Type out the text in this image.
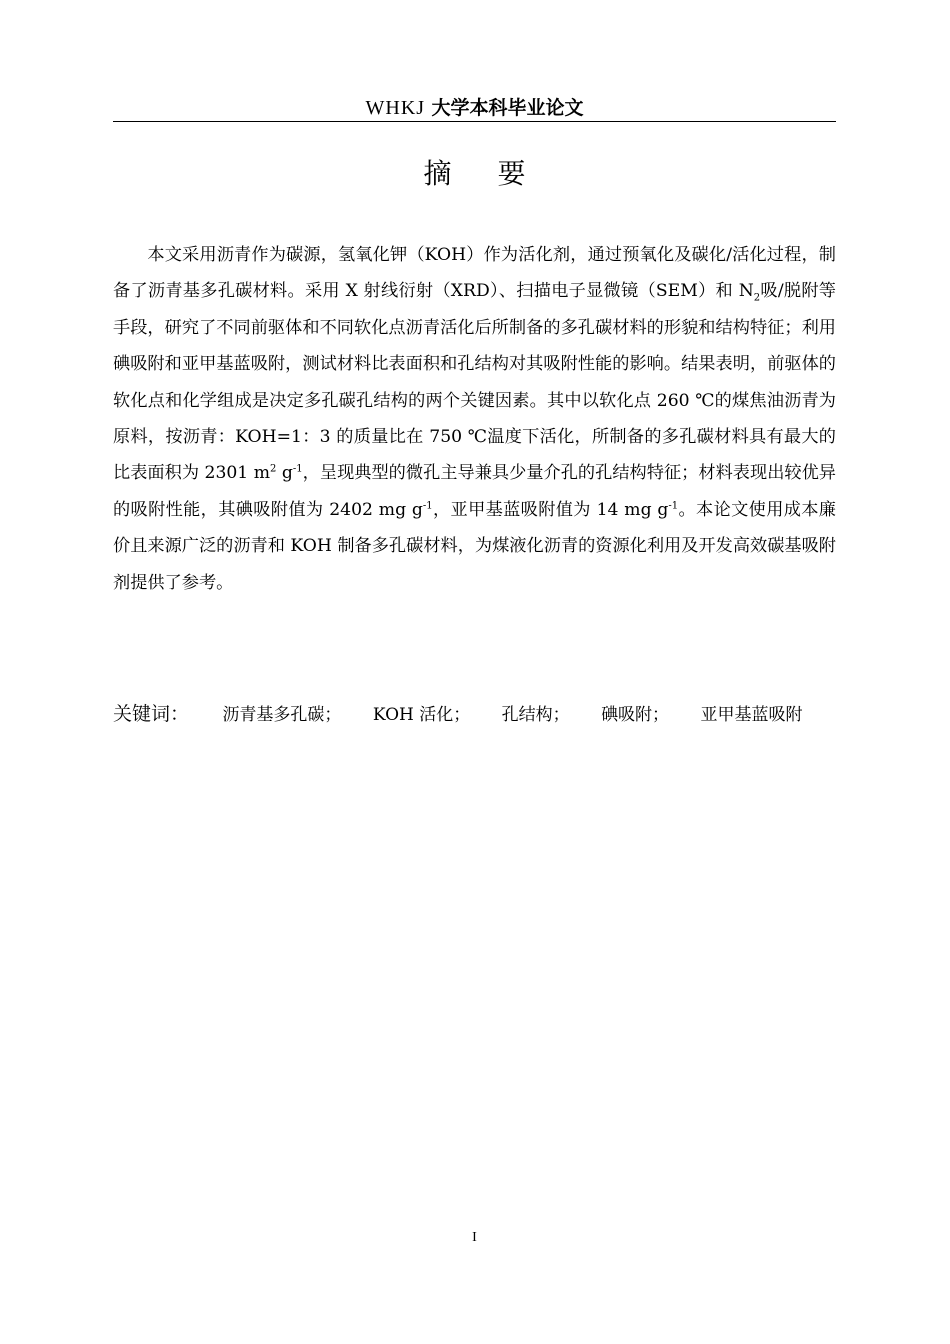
WHKJ 大学本科毕业论文
摘要

本文采用沥青作为碳源，氢氧化钾（KOH）作为活化剂，通过预氧化及碳化/活化过程，制备了沥青基多孔碳材料。采用 X 射线衍射（XRD）、扫描电子显微镜（SEM）和 $N_2$吸/脱附等手段，研究了不同前驱体和不同软化点沥青活化后所制备的多孔碳材料的形貌和结构特征；利用碘吸附和亚甲基蓝吸附，测试材料比表面积和孔结构对其吸附性能的影响。结果表明，前驱体的软化点和化学组成是决定多孔碳孔结构的两个关键因素。其中以软化点 260 ℃的煤焦油沥青为原料，按沥青：KOH=1：3 的质量比在 750 ℃温度下活化，所制备的多孔碳材料具有最大的比表面积为 2301 $m^2$ $g^{-1}$，呈现典型的微孔主导兼具少量介孔的孔结构特征；材料表现出较优异的吸附性能，其碘吸附值为 2402 mg $g^{-1}$，亚甲基蓝吸附值为 14 mg $g^{-1}$。本论文使用成本廉价且来源广泛的沥青和 KOH 制备多孔碳材料，为煤液化沥青的资源化利用及开发高效碳基吸附剂提供了参考。

关键词： 沥青基多孔碳； KOH 活化； 孔结构； 碘吸附； 亚甲基蓝吸附
I
